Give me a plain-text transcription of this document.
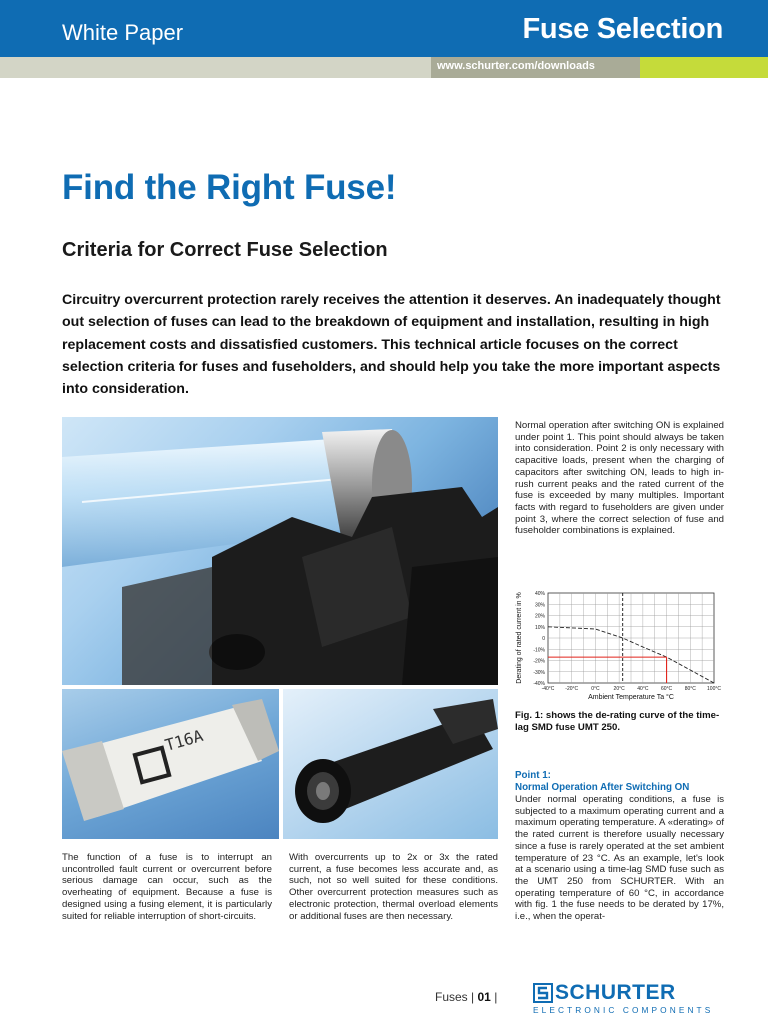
White Paper	Fuse Selection
www.schurter.com/downloads
Find the Right Fuse!
Criteria for Correct Fuse Selection

Circuitry overcurrent protection rarely receives the attention it deserves. An inadequately thought out selection of fuses can lead to the breakdown of equipment and installation, resulting in high replacement costs and dissatisfied customers. This technical article focuses on the correct selection criteria for fuses and fuseholders, and should help you take the more important aspects into consideration.

T16A

The function of a fuse is to interrupt an uncontrolled fault current or overcurrent before serious damage can occur, such as the overheating of equipment. Because a fuse is designed using a fusing element, it is particularly suited for reliable interruption of short-circuits.

With overcurrents up to 2x or 3x the rated current, a fuse becomes less accurate and, as such, not so well suited for these conditions. Other overcurrent protection measures such as electronic protection, thermal overload elements or additional fuses are then necessary.

Normal operation after switching ON is explained under point 1. This point should always be taken into consideration. Point 2 is only necessary with capacitive loads, present when the charging of capacitors after switching ON, leads to high in-rush current peaks and the rated current of the fuse is exceeded by many multiples. Important facts with regard to fuseholders are given under point 3, where the correct selection of fuse and fuseholder combinations is explained.

Derating of rated current in % 40%
30%
20%
10%
0
-10%
-20%
-30%
-40%
-40°C -20°C	0°C	20°C	40°C	60°C	80°C 100°C
Ambient Temperature Ta °C

Fig. 1: shows the de-rating curve of the time-lag SMD fuse UMT 250.

Point 1:
Normal Operation After Switching ON

Under normal operating conditions, a fuse is subjected to a maximum operating current and a maximum operating temperature. A «derating» of the rated current is therefore usually necessary since a fuse is rarely operated at the set ambient temperature of 23 °C. As an example, let's look at a scenario using a time-lag SMD fuse such as the UMT 250 from SCHURTER. With an operating temperature of 60 °C, in accordance with fig. 1 the fuse needs to be derated by 17%, i.e., when the operat-

Fuses | 01 |	SCHURTER
ELECTRONIC COMPONENTS
